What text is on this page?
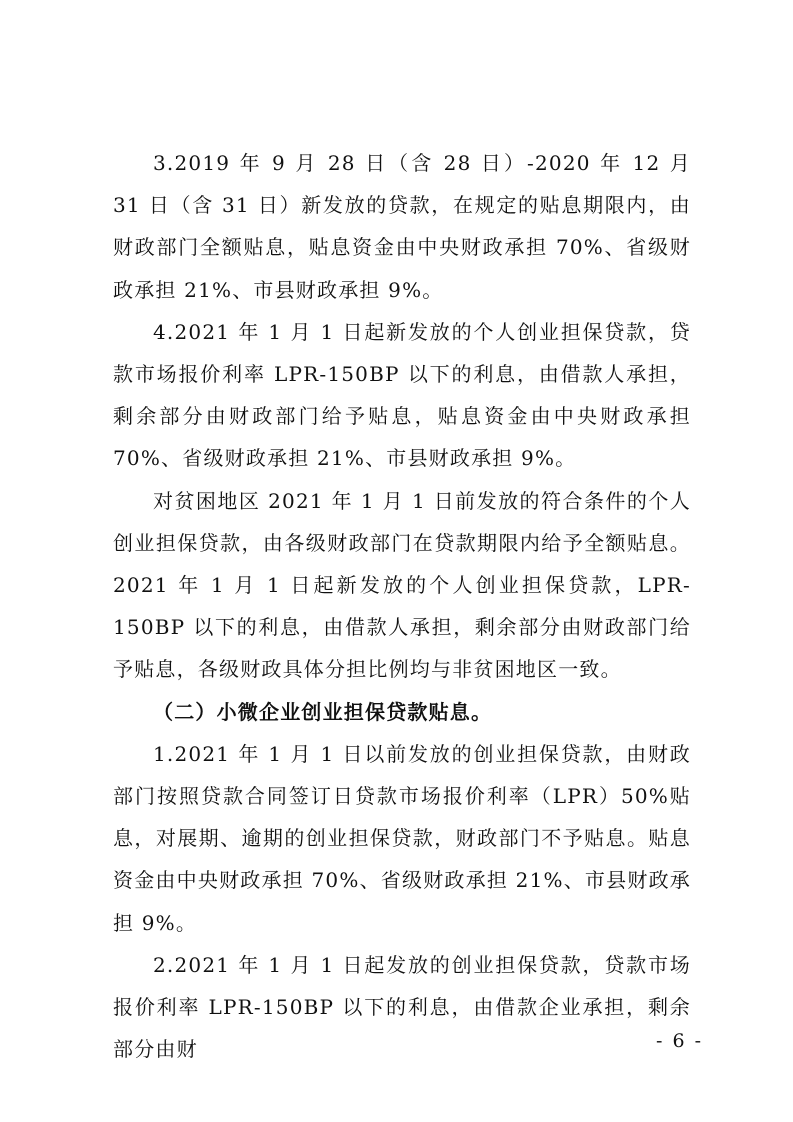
3.2019 年 9 月 28 日（含 28 日）-2020 年 12 月 31 日（含 31 日）新发放的贷款，在规定的贴息期限内，由财政部门全额贴息，贴息资金由中央财政承担 70%、省级财政承担 21%、市县财政承担 9%。

4.2021 年 1 月 1 日起新发放的个人创业担保贷款，贷款市场报价利率 LPR-150BP 以下的利息，由借款人承担，剩余部分由财政部门给予贴息，贴息资金由中央财政承担 70%、省级财政承担 21%、市县财政承担 9%。

对贫困地区 2021 年 1 月 1 日前发放的符合条件的个人创业担保贷款，由各级财政部门在贷款期限内给予全额贴息。2021 年 1 月 1 日起新发放的个人创业担保贷款，LPR-150BP 以下的利息，由借款人承担，剩余部分由财政部门给予贴息，各级财政具体分担比例均与非贫困地区一致。

（二）小微企业创业担保贷款贴息。

1.2021 年 1 月 1 日以前发放的创业担保贷款，由财政部门按照贷款合同签订日贷款市场报价利率（LPR）50%贴息，对展期、逾期的创业担保贷款，财政部门不予贴息。贴息资金由中央财政承担 70%、省级财政承担 21%、市县财政承担 9%。

2.2021 年 1 月 1 日起发放的创业担保贷款，贷款市场报价利率 LPR-150BP 以下的利息，由借款企业承担，剩余部分由财	- 6 -
